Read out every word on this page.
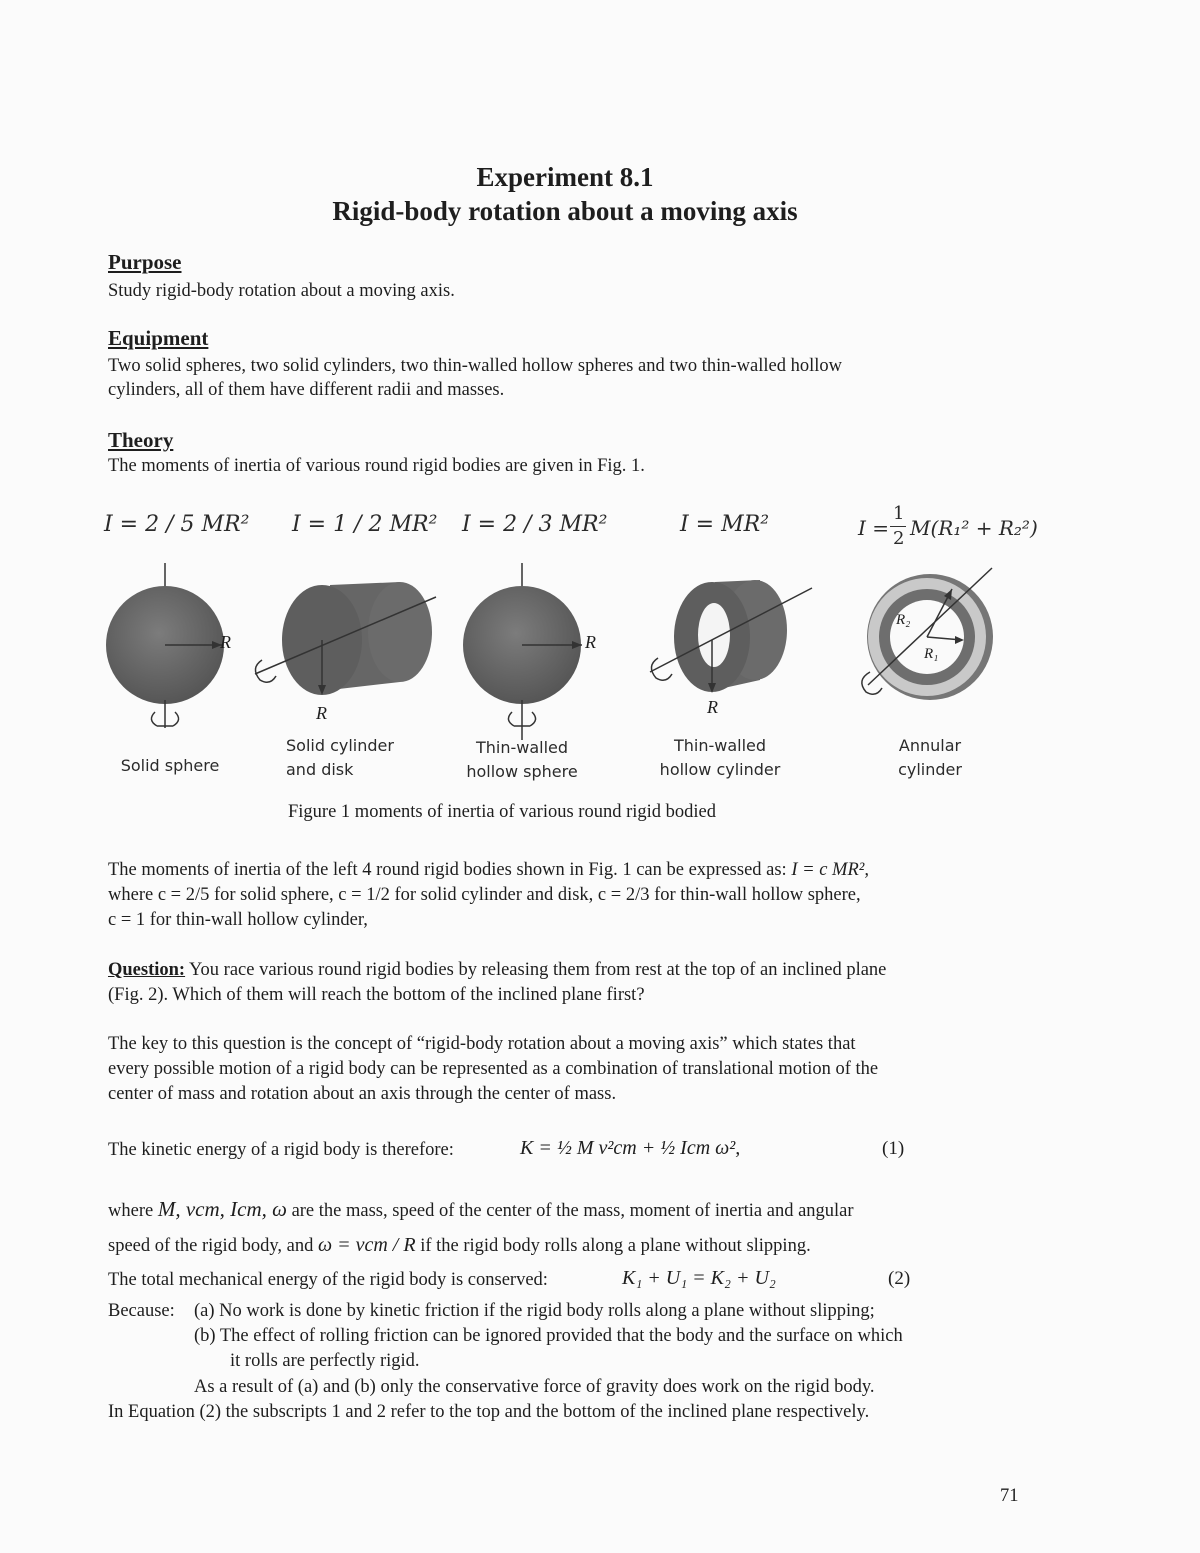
Experiment 8.1
Rigid-body rotation about a moving axis
Purpose
Study rigid-body rotation about a moving axis.
Equipment
Two solid spheres, two solid cylinders, two thin-walled hollow spheres and two thin-walled hollow
cylinders, all of them have different radii and masses.
Theory
The moments of inertia of various round rigid bodies are given in Fig. 1.
I = 2 / 5 MR² I = 1 / 2 MR² I = 2 / 3 MR²	I = MR²	I =
1
2 M(R₁² + R₂²)
R
R
R
R
R₂
R₁
Solid sphere
Solid cylinder
and disk
Thin-walled
hollow sphere
Thin-walled
hollow cylinder
Annular
cylinder
Figure 1 moments of inertia of various round rigid bodied
The moments of inertia of the left 4 round rigid bodies shown in Fig. 1 can be expressed as: I = c MR²,
where c = 2/5 for solid sphere, c = 1/2 for solid cylinder and disk, c = 2/3 for thin-wall hollow sphere,
c = 1 for thin-wall hollow cylinder,
Question: You race various round rigid bodies by releasing them from rest at the top of an inclined plane
(Fig. 2). Which of them will reach the bottom of the inclined plane first?
The key to this question is the concept of “rigid-body rotation about a moving axis” which states that
every possible motion of a rigid body can be represented as a combination of translational motion of the
center of mass and rotation about an axis through the center of mass.
The kinetic energy of a rigid body is therefore:	K = ½ M v²cm + ½ Icm ω²,	(1)
where M, vcm, Icm, ω are the mass, speed of the center of the mass, moment of inertia and angular
speed of the rigid body, and ω = vcm / R if the rigid body rolls along a plane without slipping.
The total mechanical energy of the rigid body is conserved:	K₁ + U₁ = K₂ + U₂	(2)
Because: (a) No work is done by kinetic friction if the rigid body rolls along a plane without slipping;
(b) The effect of rolling friction can be ignored provided that the body and the surface on which
it rolls are perfectly rigid.
As a result of (a) and (b) only the conservative force of gravity does work on the rigid body.
In Equation (2) the subscripts 1 and 2 refer to the top and the bottom of the inclined plane respectively.
71
